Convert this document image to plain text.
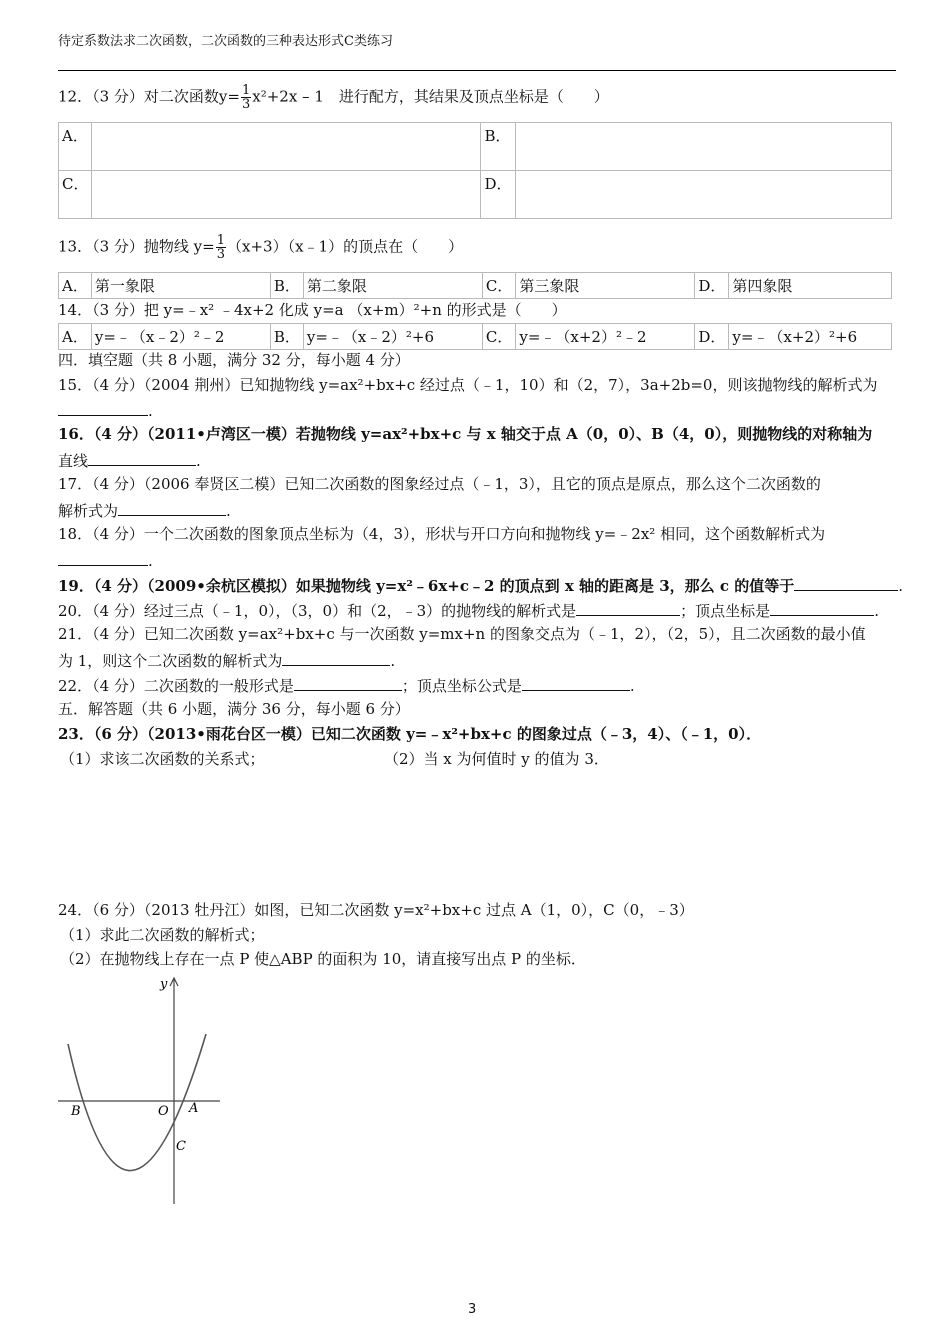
待定系数法求二次函数，二次函数的三种表达形式C类练习
12．（3 分）对二次函数$y= \frac{1}{3} x^2+2x - 1$　 进行配方，其结果及顶点坐标是（　　）
A．		B．	
C．		D．	
13．（3 分）抛物线 $y= \frac{1}{3}$ （x+3）（x﹣1）的顶点在（　　）
A．	第一象限	B．	第二象限	C．	第三象限	D．	第四象限
14．（3 分）把 y=﹣x² ﹣4x+2 化成 y=a （x+m）²+n 的形式是（　　）
A．	y=﹣（x﹣2）²﹣2	B．	y=﹣（x﹣2）²+6	C．	y=﹣（x+2）²﹣2	D．	y=﹣（x+2）²+6
四．填空题（共 8 小题，满分 32 分，每小题 4 分）
15．（4 分）（2004 荆州）已知抛物线 y=ax²+bx+c 经过点（﹣1，10）和（2，7），3a+2b=0，则该抛物线的解析式为
.
16．（4 分）（2011•卢湾区一模）若抛物线 y=ax²+bx+c 与 x 轴交于点 A（0，0）、B（4，0），则抛物线的对称轴为
直线	.
17．（4 分）（2006 奉贤区二模）已知二次函数的图象经过点（﹣1，3），且它的顶点是原点，那么这个二次函数的
解析式为	.
18．（4 分）一个二次函数的图象顶点坐标为（4，3），形状与开口方向和抛物线 y=﹣2x² 相同，这个函数解析式为
.
19．（4 分）（2009•余杭区模拟）如果抛物线 y=x²﹣6x+c﹣2 的顶点到 x 轴的距离是 3，那么 c 的值等于	.
20．（4 分）经过三点（﹣1，0），（3，0）和（2，﹣3）的抛物线的解析式是	；顶点坐标是	.
21．（4 分）已知二次函数 y=ax²+bx+c 与一次函数 y=mx+n 的图象交点为（﹣1，2），（2，5），且二次函数的最小值
为 1，则这个二次函数的解析式为	.
22．（4 分）二次函数的一般形式是	；顶点坐标公式是	.
五．解答题（共 6 小题，满分 36 分，每小题 6 分）
23．（6 分）（2013•雨花台区一模）已知二次函数 y=﹣x²+bx+c 的图象过点（﹣3，4）、（﹣1，0）．
（1）求该二次函数的关系式；	（2）当 x 为何值时 y 的值为 3．
24．（6 分）（2013 牡丹江）如图，已知二次函数 y=x²+bx+c 过点 A（1，0），C（0，﹣3）
（1）求此二次函数的解析式；
（2）在抛物线上存在一点 P 使△ABP 的面积为 10，请直接写出点 P 的坐标．
y
B	O A
C
3
